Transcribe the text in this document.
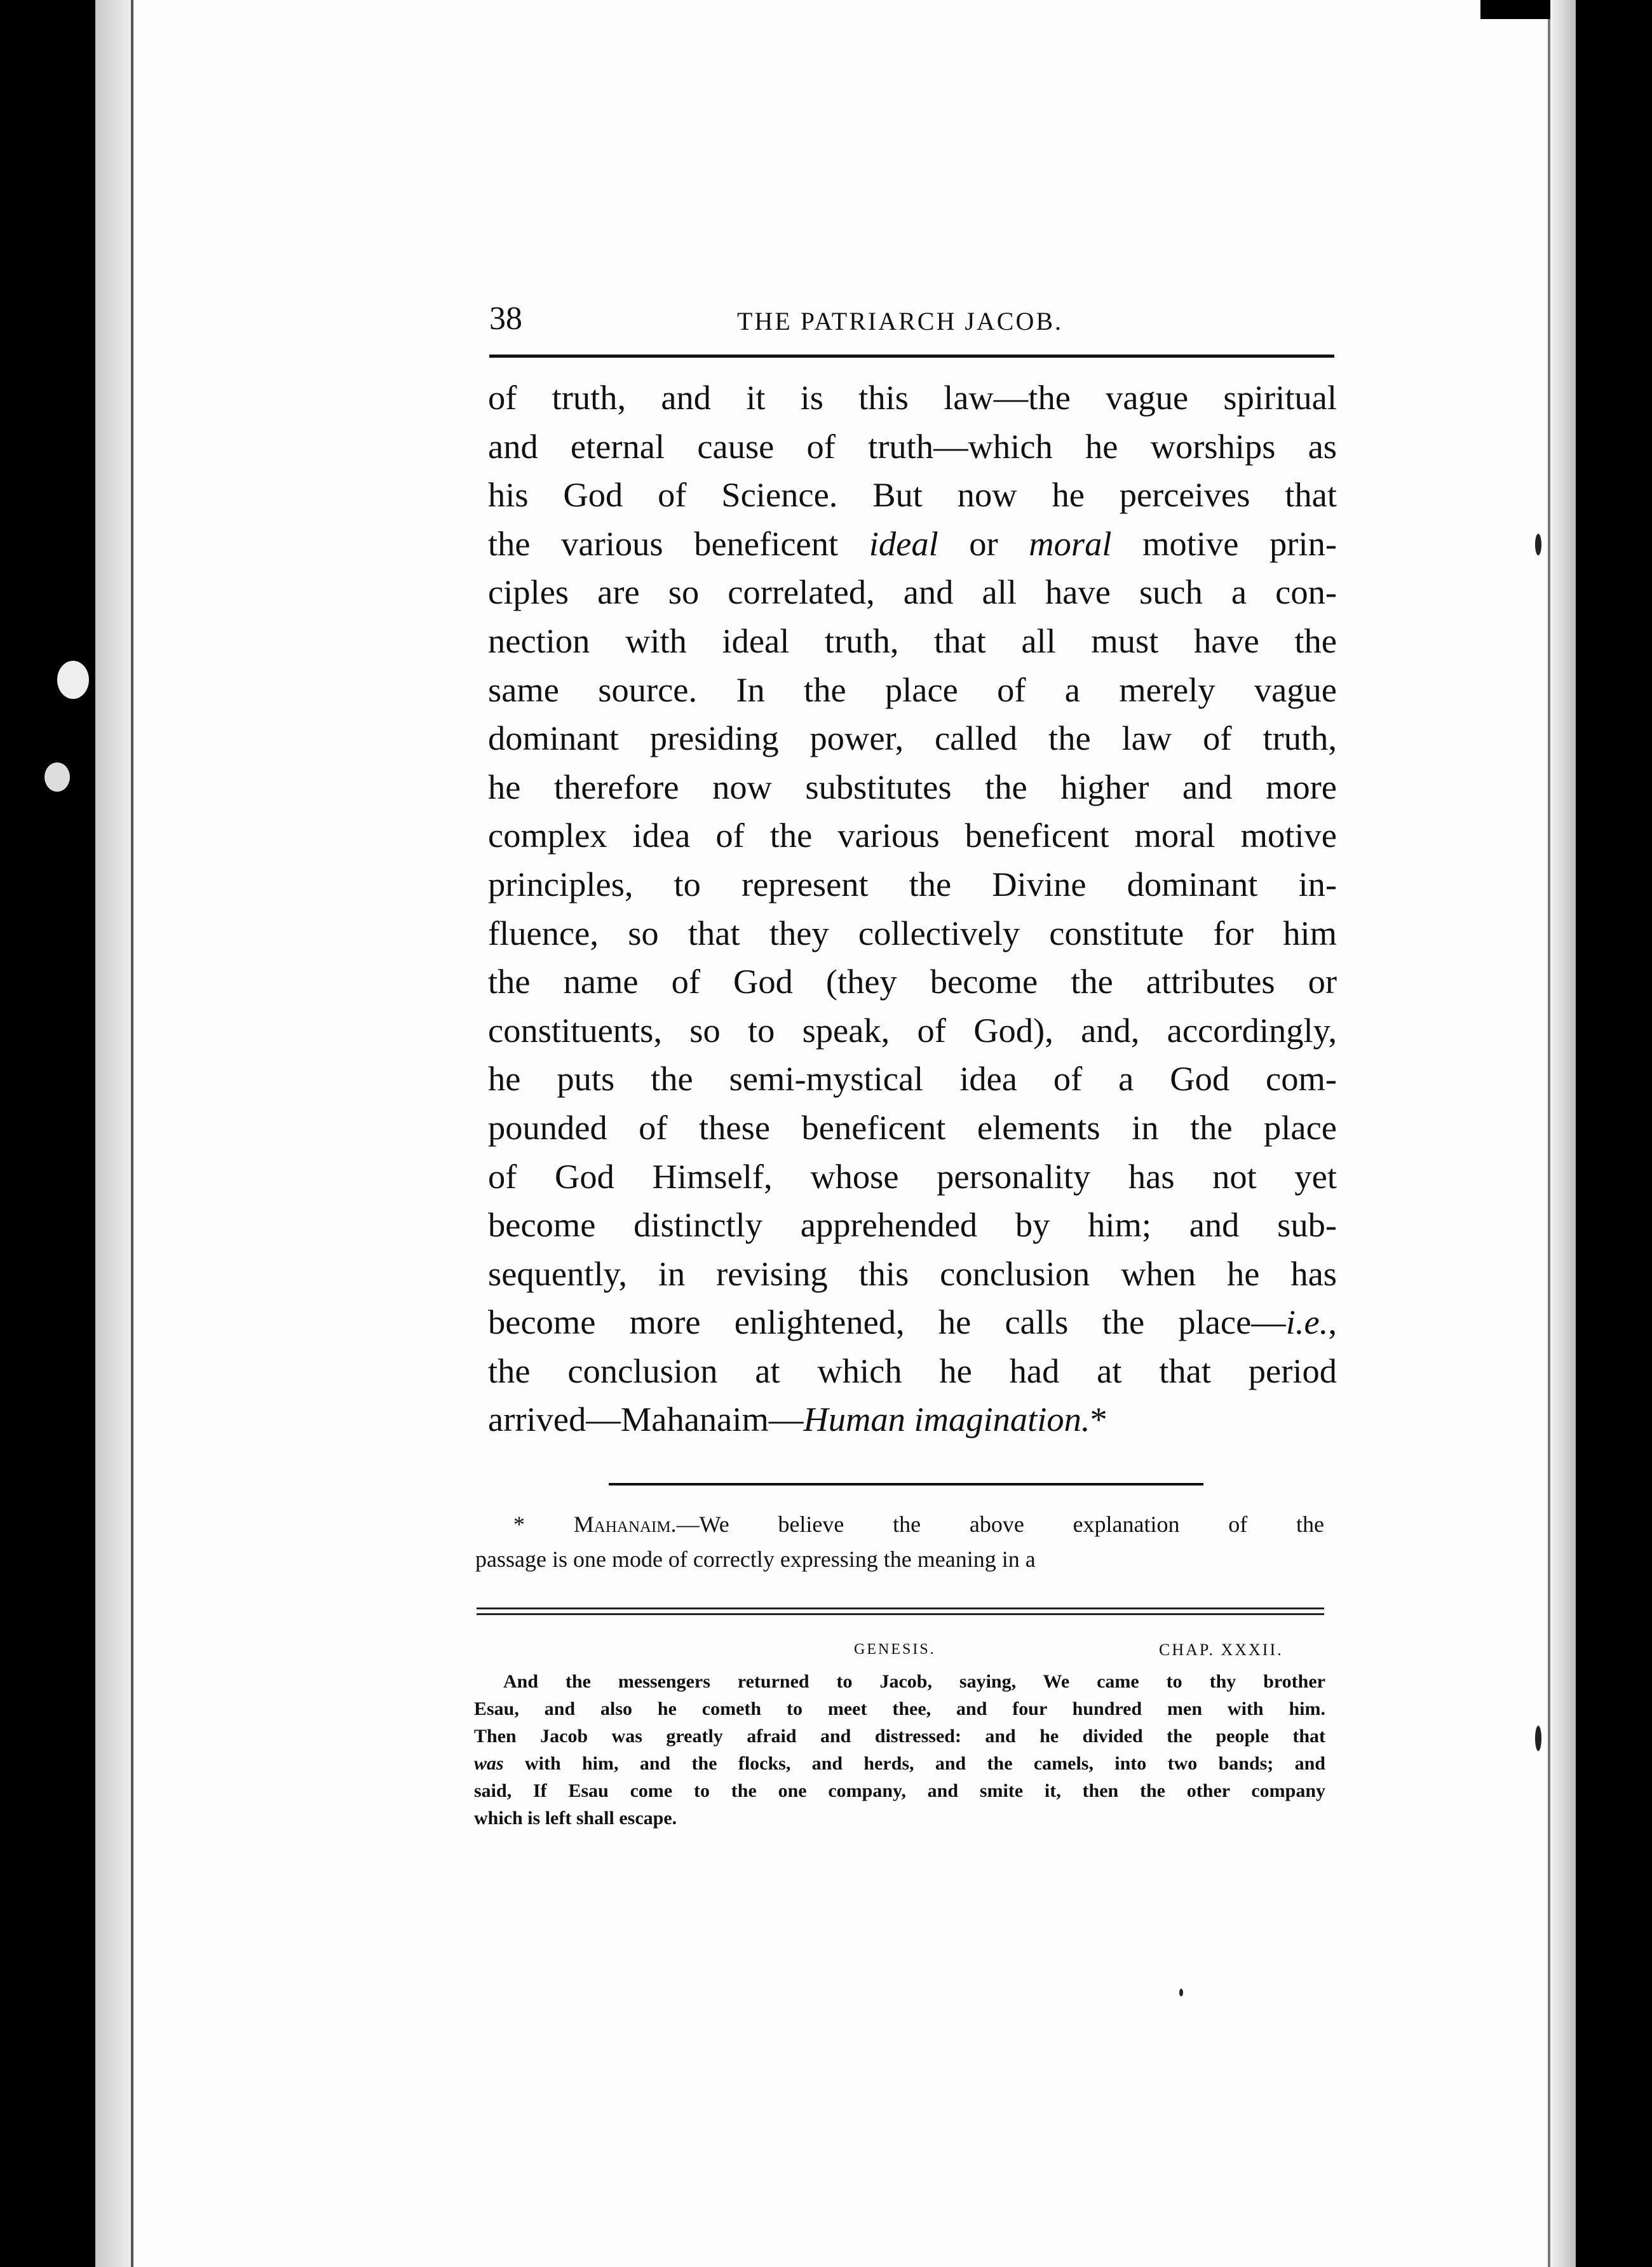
38	THE PATRIARCH JACOB.
of truth, and it is this law—the vague spiritual
and eternal cause of truth—which he worships as
his God of Science. But now he perceives that
the various beneficent ideal or moral motive prin-
ciples are so correlated, and all have such a con-
nection with ideal truth, that all must have the
same source. In the place of a merely vague
dominant presiding power, called the law of truth,
he therefore now substitutes the higher and more
complex idea of the various beneficent moral motive
principles, to represent the Divine dominant in-
fluence, so that they collectively constitute for him
the name of God (they become the attributes or
constituents, so to speak, of God), and, accordingly,
he puts the semi-mystical idea of a God com-
pounded of these beneficent elements in the place
of God Himself, whose personality has not yet
become distinctly apprehended by him; and sub-
sequently, in revising this conclusion when he has
become more enlightened, he calls the place—i.e.,
the conclusion at which he had at that period
arrived—Mahanaim—Human imagination.*
* Mahanaim.—We believe the above explanation of the
passage is one mode of correctly expressing the meaning in a
GENESIS.	CHAP. XXXII.
And the messengers returned to Jacob, saying, We came to thy brother
Esau, and also he cometh to meet thee, and four hundred men with him.
Then Jacob was greatly afraid and distressed: and he divided the people that
was with him, and the flocks, and herds, and the camels, into two bands; and
said, If Esau come to the one company, and smite it, then the other company
which is left shall escape.
